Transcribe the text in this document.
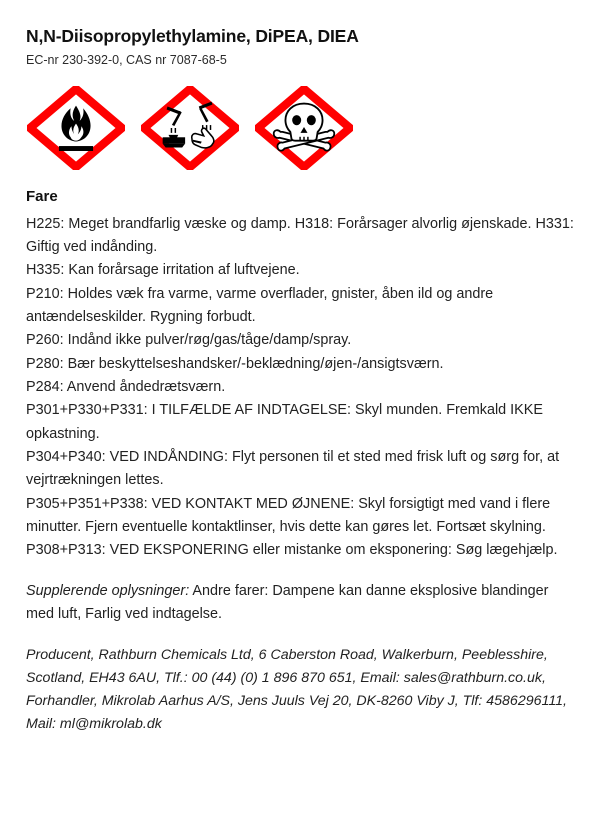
N,N-Diisopropylethylamine, DiPEA, DIEA

EC-nr 230-392-0, CAS nr 7087-68-5

Fare

H225: Meget brandfarlig væske og damp. H318: Forårsager alvorlig øjenskade. H331: Giftig ved indånding.

H335: Kan forårsage irritation af luftvejene.

P210: Holdes væk fra varme, varme overflader, gnister, åben ild og andre antændelseskilder. Rygning forbudt.

P260: Indånd ikke pulver/røg/gas/tåge/damp/spray.

P280: Bær beskyttelseshandsker/-beklædning/øjen-/ansigtsværn.

P284: Anvend åndedrætsværn.

P301+P330+P331: I TILFÆLDE AF INDTAGELSE: Skyl munden. Fremkald IKKE opkastning.

P304+P340: VED INDÅNDING: Flyt personen til et sted med frisk luft og sørg for, at vejrtrækningen lettes.

P305+P351+P338: VED KONTAKT MED ØJNENE: Skyl forsigtigt med vand i flere minutter. Fjern eventuelle kontaktlinser, hvis dette kan gøres let. Fortsæt skylning.

P308+P313: VED EKSPONERING eller mistanke om eksponering: Søg lægehjælp.

Supplerende oplysninger: Andre farer: Dampene kan danne eksplosive blandinger med luft, Farlig ved indtagelse.

Producent, Rathburn Chemicals Ltd, 6 Caberston Road, Walkerburn, Peeblesshire, Scotland, EH43 6AU, Tlf.: 00 (44) (0) 1 896 870 651, Email: sales@rathburn.co.uk, Forhandler, Mikrolab Aarhus A/S, Jens Juuls Vej 20, DK-8260 Viby J, Tlf: 4586296111, Mail: ml@mikrolab.dk
